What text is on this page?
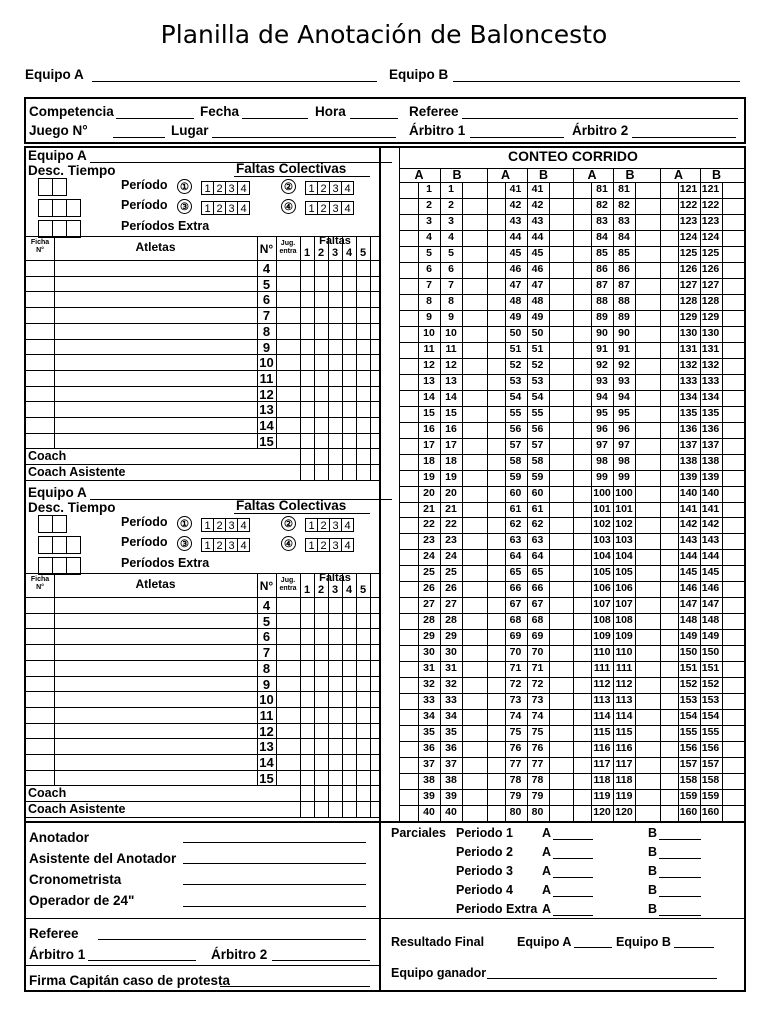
Planilla de Anotación de Baloncesto
Equipo A	Equipo B
Competencia	Fecha	Hora	Referee
Juego N°	Lugar	Árbitro 1	Árbitro 2
Equipo A
Desc. Tiempo	Faltas Colectivas
Período	① 1 2 3 4	② 1 2 3 4
Período	③ 1 2 3 4	④ 1 2 3 4
Períodos Extra
Ficha
N°	Atletas	N°	Jug.
entra
Faltas
1 2 3 4 5
4
5
6
7
8
9
10
11
12
13
14
15
Coach
Coach Asistente
Equipo A
Desc. Tiempo	Faltas Colectivas
Período	① 1 2 3 4	② 1 2 3 4
Período	③ 1 2 3 4	④ 1 2 3 4
Períodos Extra
Ficha
N°	Atletas	N°	Jug.
entra
Faltas
1 2 3 4 5
4
5
6
7
8
9
10
11
12
13
14
15
Coach
Coach Asistente
CONTEO CORRIDO
A	B
1	1
2	2
3	3
4	4
5	5
6	6
7	7
8	8
9	9
10 10
11	11
12 12
13 13
14 14
15 15
16 16
17 17
18 18
19 19
20 20
21 21
22 22
23 23
24 24
25 25
26 26
27 27
28 28
29 29
30 30
31 31
32 32
33 33
34 34
35 35
36 36
37 37
38 38
39 39
40 40
A	B
41 41
42 42
43 43
44 44
45 45
46 46
47 47
48 48
49 49
50 50
51 51
52 52
53 53
54 54
55 55
56 56
57 57
58 58
59 59
60 60
61 61
62 62
63 63
64 64
65 65
66 66
67 67
68 68
69 69
70 70
71 71
72 72
73 73
74 74
75 75
76 76
77 77
78 78
79 79
80 80
A	B
81 81
82 82
83 83
84 84
85 85
86 86
87 87
88 88
89 89
90 90
91 91
92 92
93 93
94 94
95 95
96 96
97 97
98 98
99 99
100 100
101 101
102 102
103 103
104 104
105 105
106 106
107 107
108 108
109 109
110 110
111 111
112 112
113 113
114 114
115 115
116 116
117 117
118 118
119 119
120 120
A	B
121 121
122 122
123 123
124 124
125 125
126 126
127 127
128 128
129 129
130 130
131 131
132 132
133 133
134 134
135 135
136 136
137 137
138 138
139 139
140 140
141 141
142 142
143 143
144 144
145 145
146 146
147 147
148 148
149 149
150 150
151 151
152 152
153 153
154 154
155 155
156 156
157 157
158 158
159 159
160 160
Anotador
Asistente del Anotador
Cronometrista
Operador de 24"
Referee
Árbitro 1	Árbitro 2
Firma Capitán caso de protesta
Parciales Periodo 1 A	B
Periodo 2 A	B
Periodo 3 A	B
Periodo 4 A	B
Periodo Extra A	B
Resultado Final	Equipo A	Equipo B
Equipo ganador
